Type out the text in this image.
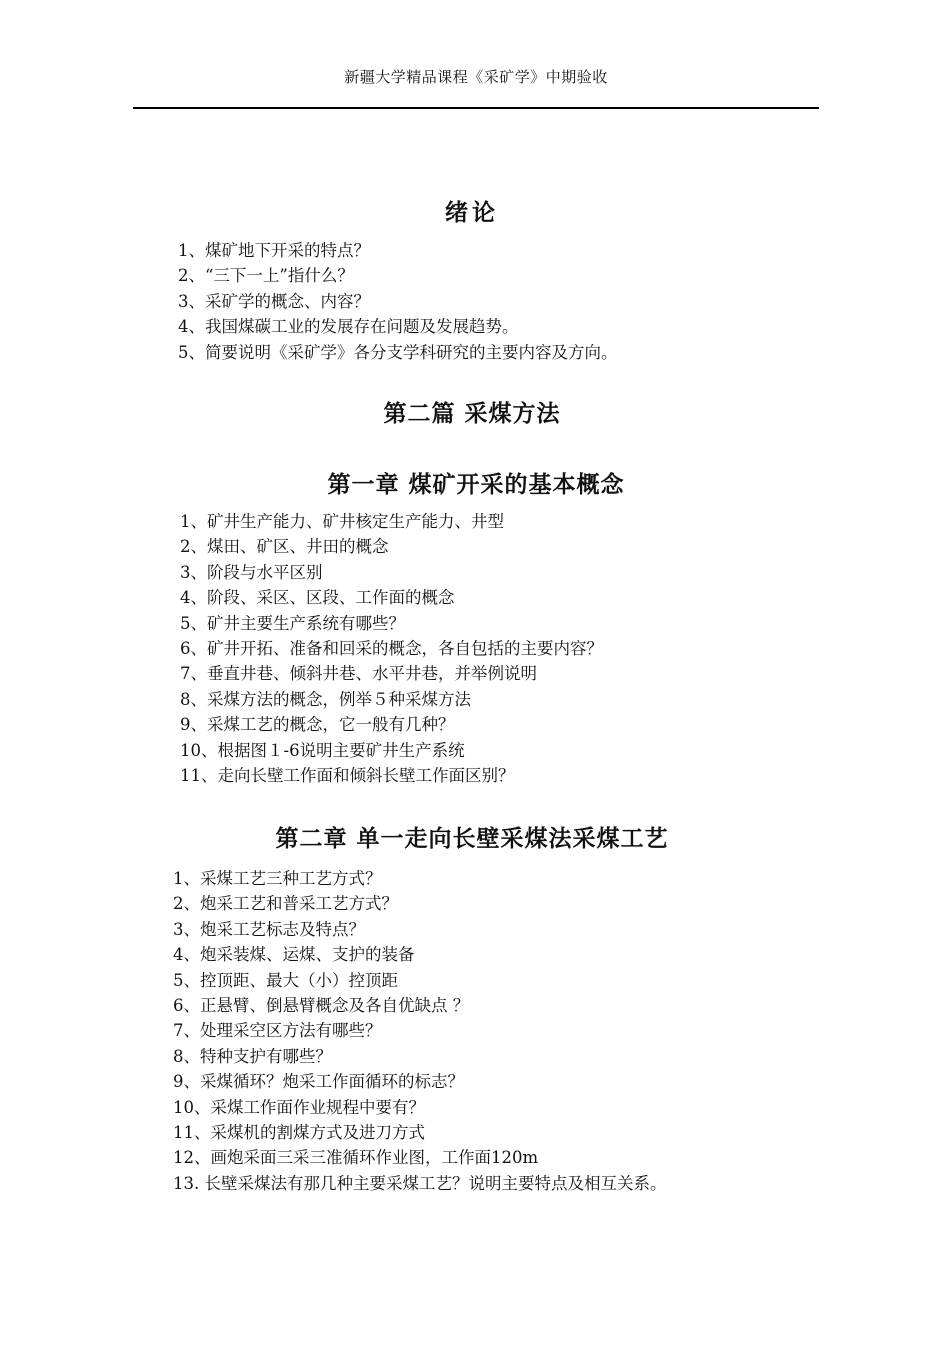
新疆大学精品课程《采矿学》中期验收
绪论
1、煤矿地下开采的特点？
2、“三下一上”指什么？
3、采矿学的概念、内容？
4、我国煤碳工业的发展存在问题及发展趋势。
5、简要说明《采矿学》各分支学科研究的主要内容及方向。
第二篇 采煤方法
第一章 煤矿开采的基本概念
1、矿井生产能力、矿井核定生产能力、井型
2、煤田、矿区、井田的概念
3、阶段与水平区别
4、阶段、采区、区段、工作面的概念
5、矿井主要生产系统有哪些？
6、矿井开拓、准备和回采的概念，各自包括的主要内容？
7、垂直井巷、倾斜井巷、水平井巷，并举例说明
8、采煤方法的概念，例举５种采煤方法
9、采煤工艺的概念，它一般有几种？
10、根据图１-6说明主要矿井生产系统
11、走向长壁工作面和倾斜长壁工作面区别？
第二章 单一走向长壁采煤法采煤工艺
1、采煤工艺三种工艺方式？
2、炮采工艺和普采工艺方式？
3、炮采工艺标志及特点？
4、炮采装煤、运煤、支护的装备
5、控顶距、最大（小）控顶距
6、正悬臂、倒悬臂概念及各自优缺点 ？
7、处理采空区方法有哪些？
8、特种支护有哪些？
9、采煤循环？炮采工作面循环的标志？
10、采煤工作面作业规程中要有？
11、采煤机的割煤方式及进刀方式
12、画炮采面三采三准循环作业图，工作面120m
13. 长壁采煤法有那几种主要采煤工艺？说明主要特点及相互关系。
